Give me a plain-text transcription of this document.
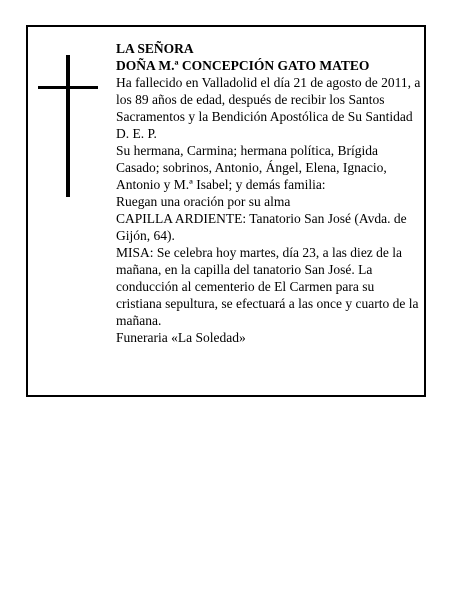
LA SEÑORA

DOÑA M.ª CONCEPCIÓN GATO MATEO

Ha fallecido en Valladolid el día 21 de agosto de 2011, a los 89 años de edad, después de recibir los Santos Sacramentos y la Bendición Apostólica de Su Santidad D. E. P.

Su hermana, Carmina; hermana política, Brígida Casado; sobrinos, Antonio, Ángel, Elena, Ignacio, Antonio y M.ª Isabel; y demás familia:

Ruegan una oración por su alma

CAPILLA ARDIENTE: Tanatorio San José (Avda. de Gijón, 64).

MISA: Se celebra hoy martes, día 23, a las diez de la mañana, en la capilla del tanatorio San José. La conducción al cementerio de El Carmen para su cristiana sepultura, se efectuará a las once y cuarto de la mañana.

Funeraria «La Soledad»
